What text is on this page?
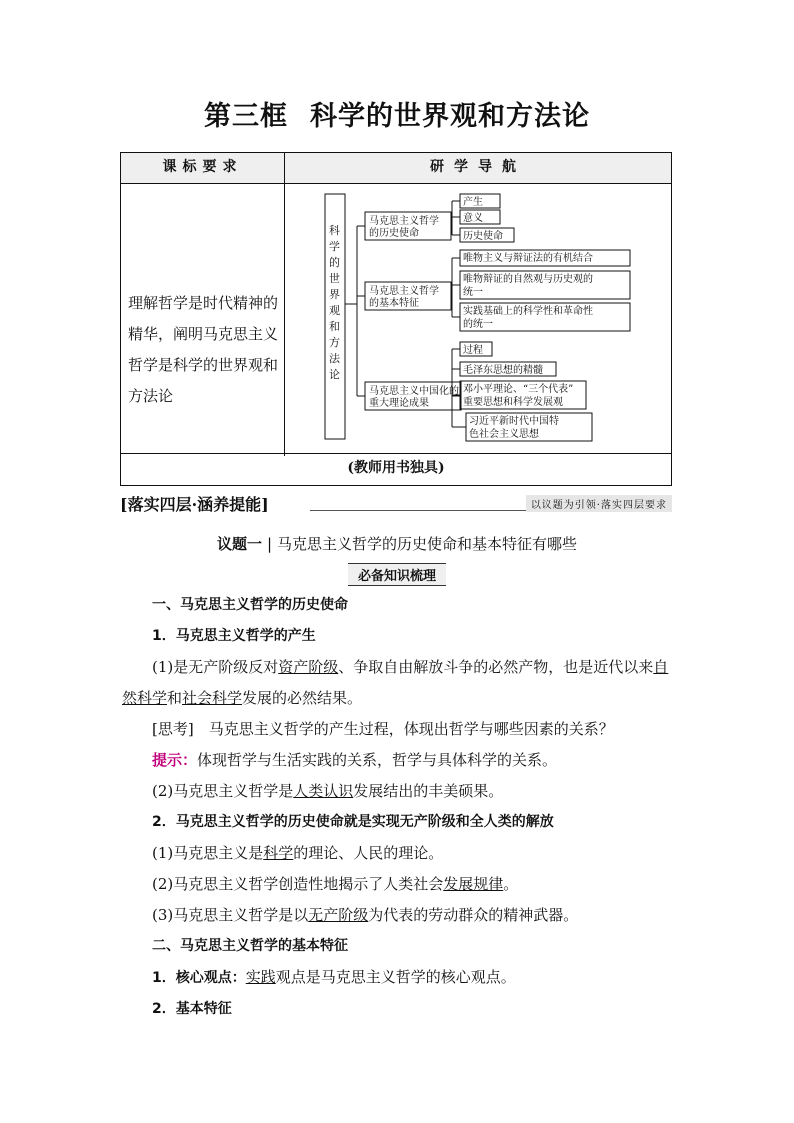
第三框 科学的世界观和方法论
课标要求	研学导航
理解哲学是时代精神的精华，阐明马克思主义哲学是科学的世界观和方法论
科
学
的
世
界
观
和
方
法
论
马克思主义哲学
的历史使命
产生
意义
历史使命
马克思主义哲学
的基本特征
唯物主义与辩证法的有机结合
唯物辩证的自然观与历史观的
统一
实践基础上的科学性和革命性
的统一
马克思主义中国化的
重大理论成果
过程
毛泽东思想的精髓
邓小平理论、“三个代表”
重要思想和科学发展观
习近平新时代中国特
色社会主义思想
(教师用书独具)
[落实四层·涵养提能]	以议题为引领·落实四层要求
议题一 | 马克思主义哲学的历史使命和基本特征有哪些
必备知识梳理

一、马克思主义哲学的历史使命

1．马克思主义哲学的产生

(1)是无产阶级反对资产阶级、争取自由解放斗争的必然产物，也是近代以来自然科学和社会科学发展的必然结果。

[思考]　 马克思主义哲学的产生过程，体现出哲学与哪些因素的关系？

提示：体现哲学与生活实践的关系，哲学与具体科学的关系。

(2)马克思主义哲学是人类认识发展结出的丰美硕果。

2．马克思主义哲学的历史使命就是实现无产阶级和全人类的解放

(1)马克思主义是科学的理论、人民的理论。

(2)马克思主义哲学创造性地揭示了人类社会发展规律。

(3)马克思主义哲学是以无产阶级为代表的劳动群众的精神武器。

二、马克思主义哲学的基本特征

1．核心观点：实践观点是马克思主义哲学的核心观点。

2．基本特征
